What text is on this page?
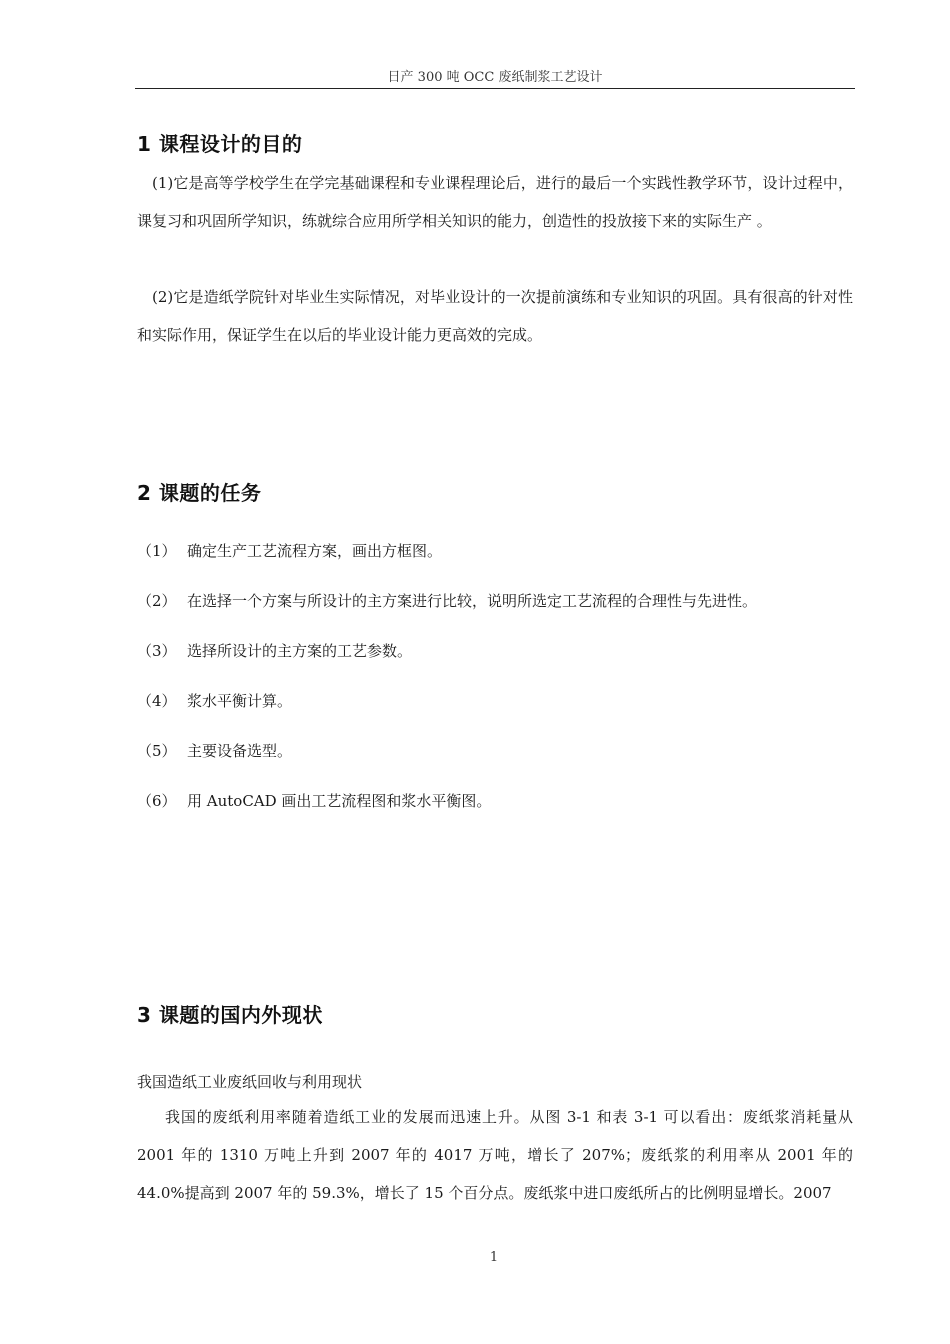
日产 300 吨 OCC 废纸制浆工艺设计
1 课程设计的目的

(1)它是高等学校学生在学完基础课程和专业课程理论后，进行的最后一个实践性教学环节，设计过程中，课复习和巩固所学知识，练就综合应用所学相关知识的能力，创造性的投放接下来的实际生产 。

(2)它是造纸学院针对毕业生实际情况，对毕业设计的一次提前演练和专业知识的巩固。具有很高的针对性和实际作用，保证学生在以后的毕业设计能力更高效的完成。

2 课题的任务
（1） 确定生产工艺流程方案，画出方框图。
（2） 在选择一个方案与所设计的主方案进行比较，说明所选定工艺流程的合理性与先进性。
（3） 选择所设计的主方案的工艺参数。
（4） 浆水平衡计算。
（5） 主要设备选型。
（6） 用 AutoCAD 画出工艺流程图和浆水平衡图。
3 课题的国内外现状
我国造纸工业废纸回收与利用现状

我国的废纸利用率随着造纸工业的发展而迅速上升。从图 3-1 和表 3-1 可以看出：废纸浆消耗量从 2001 年的 1310 万吨上升到 2007 年的 4017 万吨，增长了 207%；废纸浆的利用率从 2001 年的 44.0%提高到 2007 年的 59.3%，增长了 15 个百分点。废纸浆中进口废纸所占的比例明显增长。2007

1
